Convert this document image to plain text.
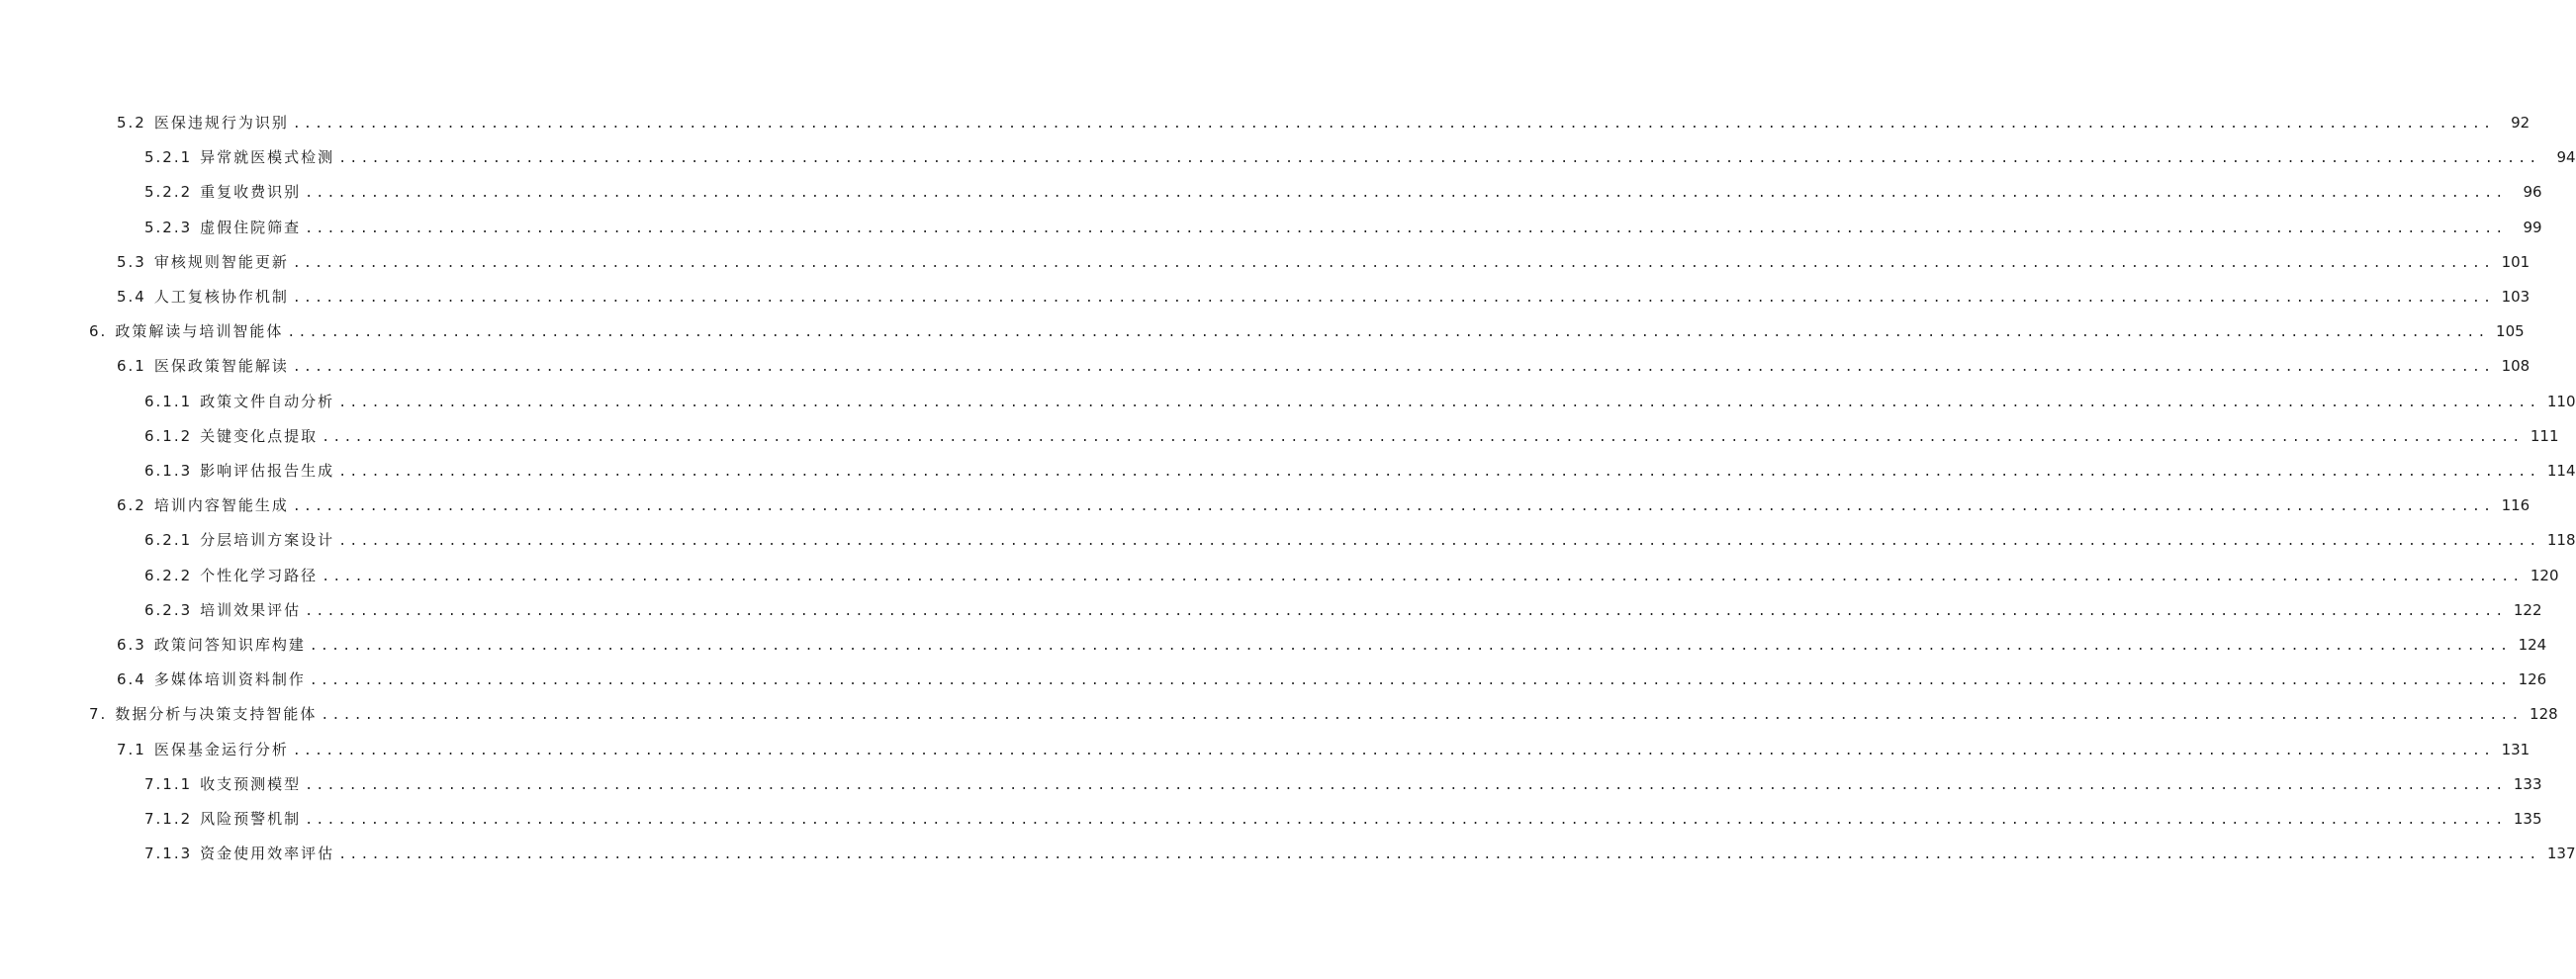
5.2 医保违规行为识别 ........................................................................................................................................................................................................	92
5.2.1 异常就医模式检测 ........................................................................................................................................................................................................	94
5.2.2 重复收费识别 ........................................................................................................................................................................................................	96
5.2.3 虚假住院筛查 ........................................................................................................................................................................................................	99
5.3 审核规则智能更新 ........................................................................................................................................................................................................ 101
5.4 人工复核协作机制 ........................................................................................................................................................................................................ 103
6. 政策解读与培训智能体 ........................................................................................................................................................................................................ 105
6.1 医保政策智能解读 ........................................................................................................................................................................................................ 108
6.1.1 政策文件自动分析 ........................................................................................................................................................................................................ 110
6.1.2 关键变化点提取 ........................................................................................................................................................................................................ 111
6.1.3 影响评估报告生成 ........................................................................................................................................................................................................ 114
6.2 培训内容智能生成 ........................................................................................................................................................................................................ 116
6.2.1 分层培训方案设计 ........................................................................................................................................................................................................ 118
6.2.2 个性化学习路径 ........................................................................................................................................................................................................ 120
6.2.3 培训效果评估 ........................................................................................................................................................................................................ 122
6.3 政策问答知识库构建 ........................................................................................................................................................................................................ 124
6.4 多媒体培训资料制作 ........................................................................................................................................................................................................ 126
7. 数据分析与决策支持智能体 ........................................................................................................................................................................................................ 128
7.1 医保基金运行分析 ........................................................................................................................................................................................................ 131
7.1.1 收支预测模型 ........................................................................................................................................................................................................ 133
7.1.2 风险预警机制 ........................................................................................................................................................................................................ 135
7.1.3 资金使用效率评估 ........................................................................................................................................................................................................ 137
